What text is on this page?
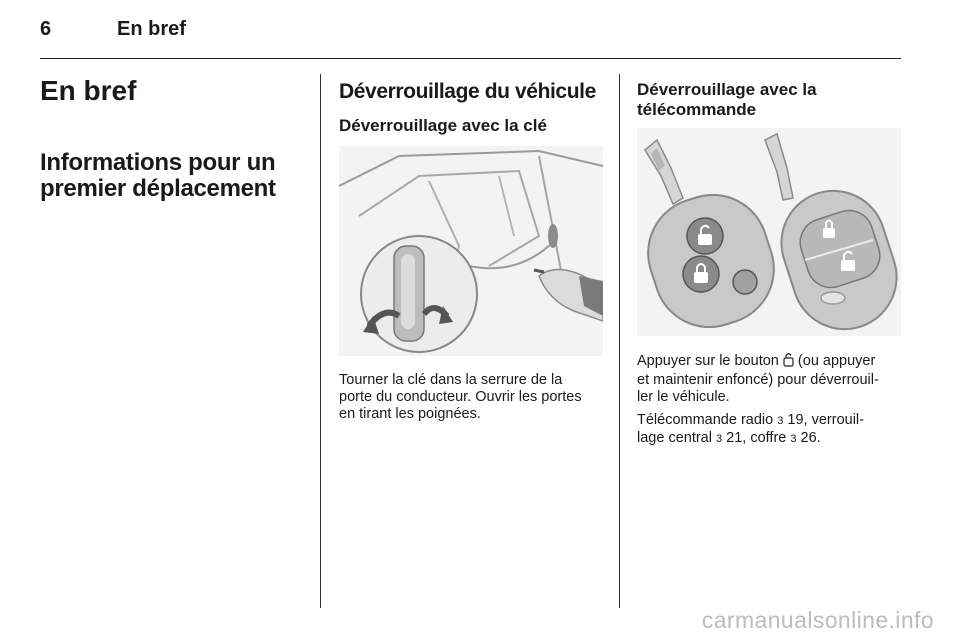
6	En bref
En bref
Informations pour un
premier déplacement
Déverrouillage du véhicule
Déverrouillage avec la clé

Tourner la clé dans la serrure de la

porte du conducteur. Ouvrir les portes

en tirant les poignées.

Déverrouillage avec la
télécommande

Appuyer sur le bouton  (ou appuyer

et maintenir enfoncé) pour déverrouil-

ler le véhicule.

Télécommande radio 3 19, verrouil-

lage central 3 21, coffre 3 26.

carmanualsonline.info
